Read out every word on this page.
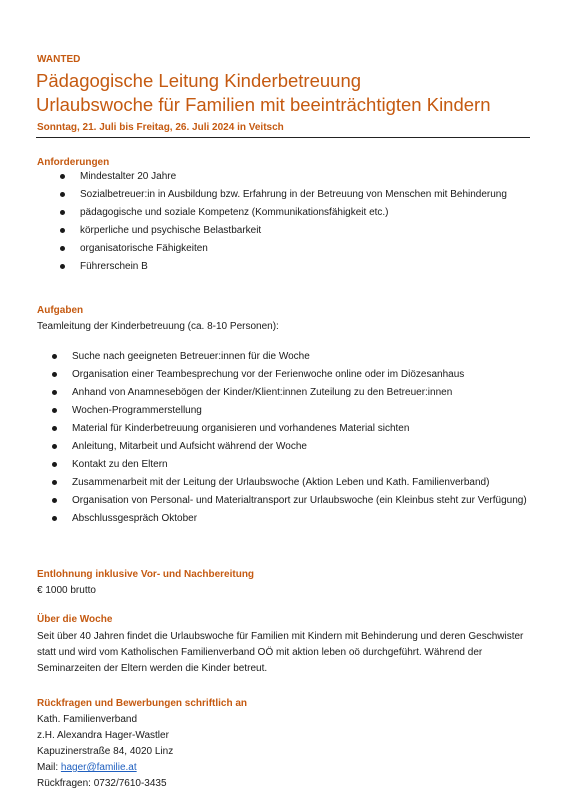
WANTED
Pädagogische Leitung Kinderbetreuung
Urlaubswoche für Familien mit beeinträchtigten Kindern
Sonntag, 21. Juli bis Freitag, 26. Juli 2024 in Veitsch
Anforderungen
Mindestalter 20 Jahre
Sozialbetreuer:in in Ausbildung bzw. Erfahrung in der Betreuung von Menschen mit Behinderung
pädagogische und soziale Kompetenz (Kommunikationsfähigkeit etc.)
körperliche und psychische Belastbarkeit
organisatorische Fähigkeiten
Führerschein B
Aufgaben
Teamleitung der Kinderbetreuung (ca. 8-10 Personen):
Suche nach geeigneten Betreuer:innen für die Woche
Organisation einer Teambesprechung vor der Ferienwoche online oder im Diözesanhaus
Anhand von Anamnesebögen der Kinder/Klient:innen Zuteilung zu den Betreuer:innen
Wochen-Programmerstellung
Material für Kinderbetreuung organisieren und vorhandenes Material sichten
Anleitung, Mitarbeit und Aufsicht während der Woche
Kontakt zu den Eltern
Zusammenarbeit mit der Leitung der Urlaubswoche (Aktion Leben und Kath. Familienverband)
Organisation von Personal- und Materialtransport zur Urlaubswoche (ein Kleinbus steht zur Verfügung)
Abschlussgespräch Oktober
Entlohnung inklusive Vor- und Nachbereitung
€ 1000 brutto
Über die Woche
Seit über 40 Jahren findet die Urlaubswoche für Familien mit Kindern mit Behinderung und deren Geschwister statt und wird vom Katholischen Familienverband OÖ mit aktion leben oö durchgeführt. Während der Seminarzeiten der Eltern werden die Kinder betreut.
Rückfragen und Bewerbungen schriftlich an
Kath. Familienverband
z.H. Alexandra Hager-Wastler
Kapuzinerstraße 84, 4020 Linz
Mail: hager@familie.at
Rückfragen: 0732/7610-3435
